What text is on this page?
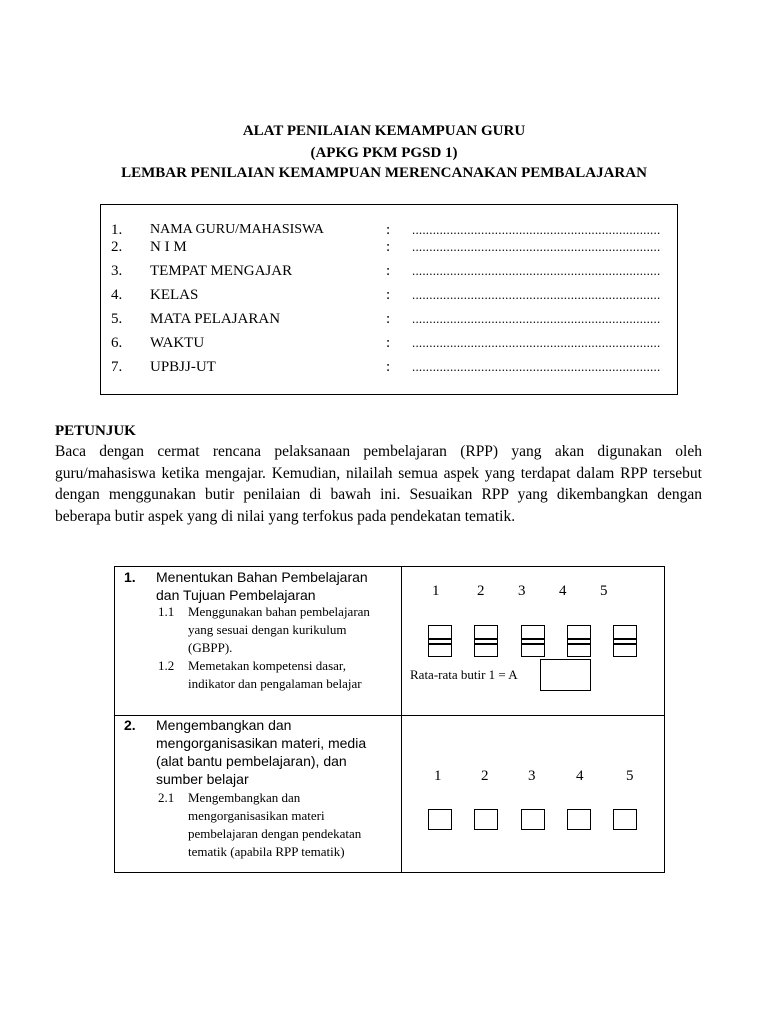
ALAT PENILAIAN KEMAMPUAN GURU
(APKG PKM PGSD 1)
LEMBAR PENILAIAN KEMAMPUAN MERENCANAKAN PEMBALAJARAN
1. NAMA GURU/MAHASISWA	: ........................................................................
2. N I M	: ........................................................................
3. TEMPAT MENGAJAR	: ........................................................................
4. KELAS	: ........................................................................
5. MATA PELAJARAN	: ........................................................................
6. WAKTU	: ........................................................................
7. UPBJJ-UT	: ........................................................................
PETUNJUK

Baca dengan cermat rencana pelaksanaan pembelajaran (RPP) yang akan digunakan oleh guru/mahasiswa ketika mengajar. Kemudian, nilailah semua aspek yang terdapat dalam RPP tersebut dengan menggunakan butir penilaian di bawah ini. Sesuaikan RPP yang dikembangkan dengan beberapa butir aspek yang di nilai yang terfokus pada pendekatan tematik.

1. Menentukan Bahan Pembelajaran
dan Tujuan Pembelajaran
1.1 Menggunakan bahan pembelajaran
yang sesuai dengan kurikulum
(GBPP).
1.2 Memetakan kompetensi dasar,
indikator dan pengalaman belajar
1	2 3 4 5
Rata-rata butir 1 = A
2. Mengembangkan dan
mengorganisasikan materi, media
(alat bantu pembelajaran), dan
sumber belajar
2.1 Mengembangkan dan
mengorganisasikan materi
pembelajaran dengan pendekatan
tematik (apabila RPP tematik)
1	2	3	4	5
